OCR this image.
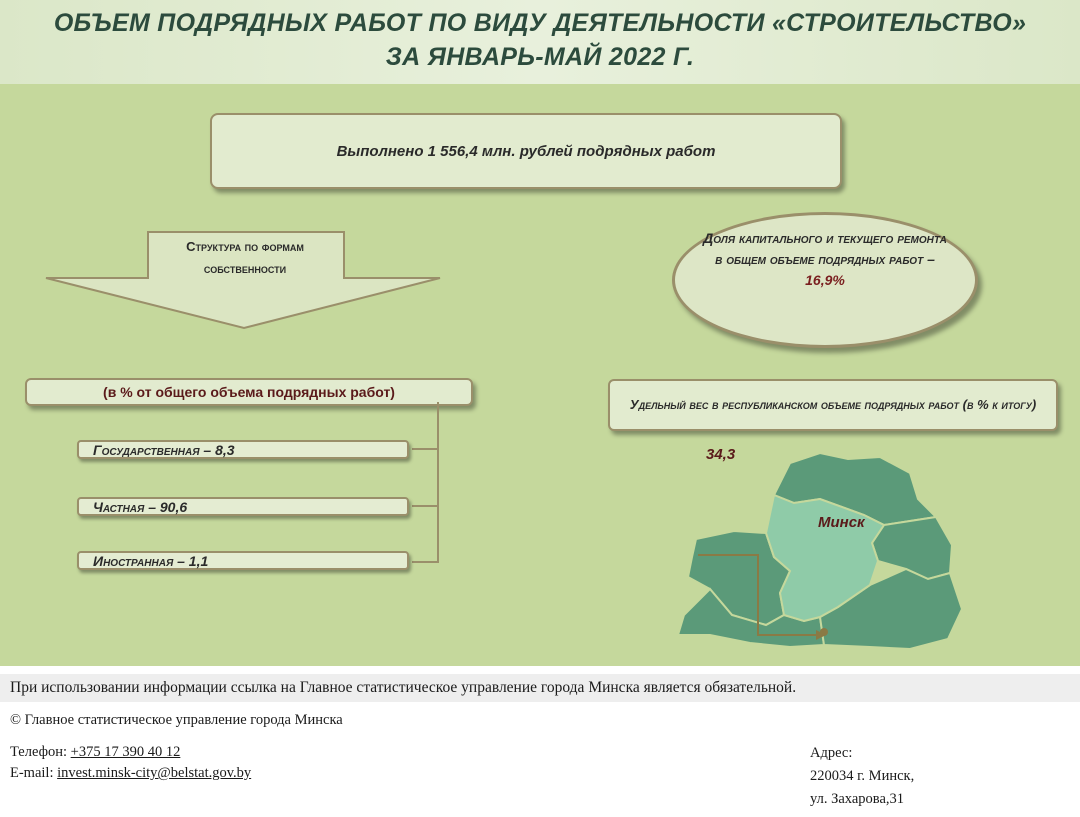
ОБЪЕМ ПОДРЯДНЫХ РАБОТ ПО ВИДУ ДЕЯТЕЛЬНОСТИ «СТРОИТЕЛЬСТВО»
ЗА ЯНВАРЬ-МАЙ 2022 Г.
Выполнено 1 556,4 млн. рублей подрядных работ
Структура по формам собственности
Доля капитального и текущего ремонта в общем объеме подрядных работ –
16,9%
(в % от общего объема подрядных работ)
Государственная – 8,3
Частная – 90,6
Иностранная – 1,1
Удельный вес в республиканском объеме подрядных работ (в % к итогу)
34,3
Минск
При использовании информации ссылка на Главное статистическое управление города Минска является обязательной.
© Главное статистическое управление города Минска
Телефон: +375 17 390 40 12
E-mail: invest.minsk-city@belstat.gov.by
Адрес:
220034 г. Минск,
ул. Захарова,31
